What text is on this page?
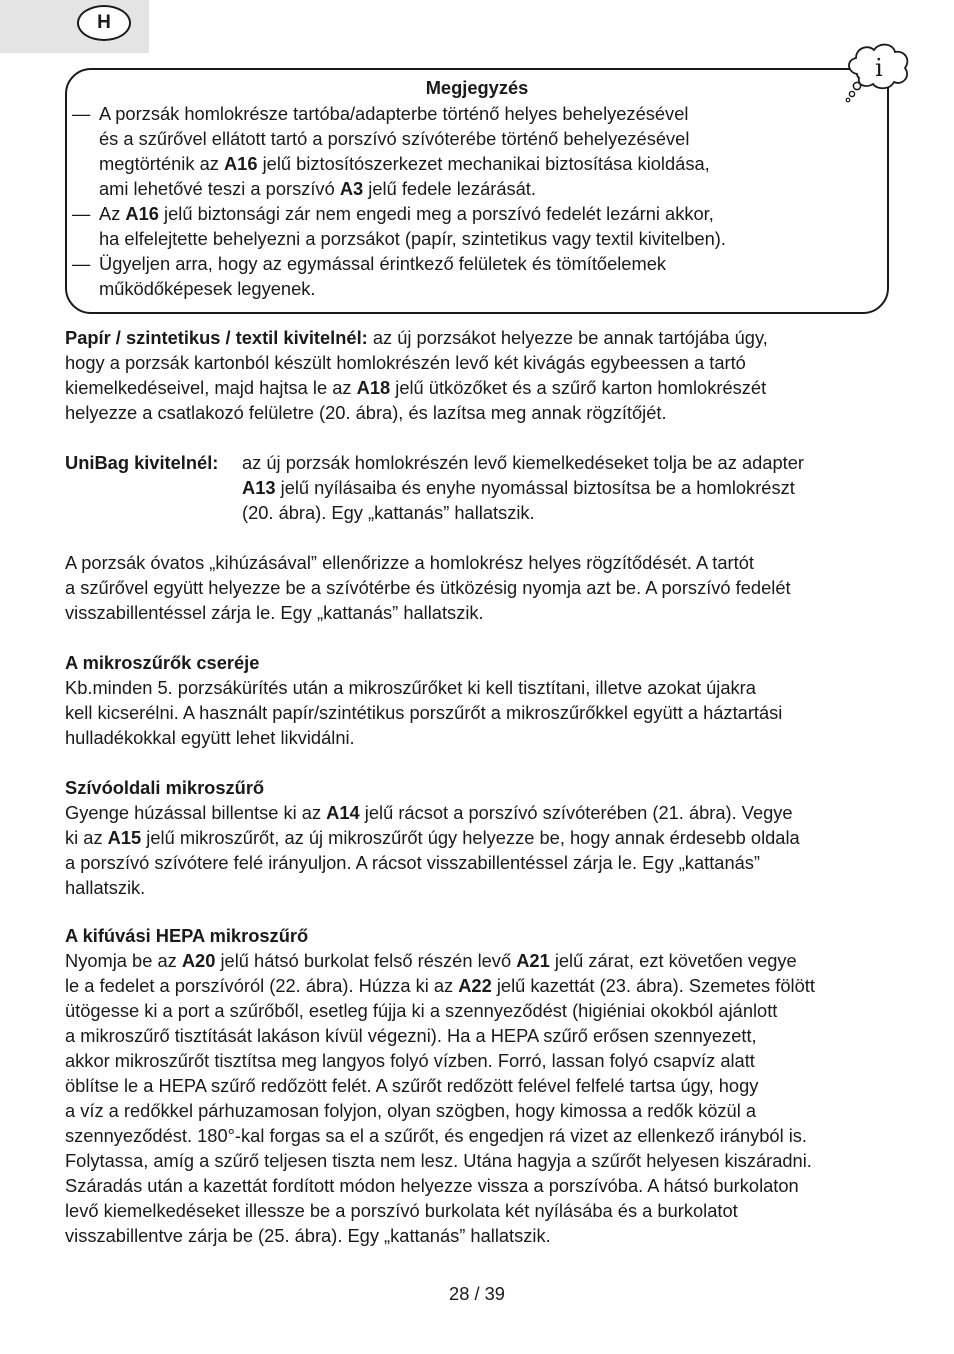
H
i
Megjegyzés
— A porzsák homlokrésze tartóba/adapterbe történő helyes behelyezésével
és a szűrővel ellátott tartó a porszívó szívóterébe történő behelyezésével
megtörténik az A16 jelű biztosítószerkezet mechanikai biztosítása kioldása,
ami lehetővé teszi a porszívó A3 jelű fedele lezárását.
— Az A16 jelű biztonsági zár nem engedi meg a porszívó fedelét lezárni akkor,
ha elfelejtette behelyezni a porzsákot (papír, szintetikus vagy textil kivitelben).
— Ügyeljen arra, hogy az egymással érintkező felületek és tömítőelemek
működőképesek legyenek.
Papír / szintetikus / textil kivitelnél: az új porzsákot helyezze be annak tartójába úgy,
hogy a porzsák kartonból készült homlokrészén levő két kivágás egybeessen a tartó
kiemelkedéseivel, majd hajtsa le az A18 jelű ütközőket és a szűrő karton homlokrészét
helyezze a csatlakozó felületre (20. ábra), és lazítsa meg annak rögzítőjét.
UniBag kivitelnél: az új porzsák homlokrészén levő kiemelkedéseket tolja be az adapter
A13 jelű nyílásaiba és enyhe nyomással biztosítsa be a homlokrészt
(20. ábra). Egy „kattanás” hallatszik.
A porzsák óvatos „kihúzásával” ellenőrizze a homlokrész helyes rögzítődését. A tartót
a szűrővel együtt helyezze be a szívótérbe és ütközésig nyomja azt be. A porszívó fedelét
visszabillentéssel zárja le. Egy „kattanás” hallatszik.

A mikroszűrők cseréje

Kb.minden 5. porzsákürítés után a mikroszűrőket ki kell tisztítani, illetve azokat újakra
kell kicserélni. A használt papír/szintétikus porszűrőt a mikroszűrőkkel együtt a háztartási
hulladékokkal együtt lehet likvidálni.

Szívóoldali mikroszűrő

Gyenge húzással billentse ki az A14 jelű rácsot a porszívó szívóterében (21. ábra). Vegye
ki az A15 jelű mikroszűrőt, az új mikroszűrőt úgy helyezze be, hogy annak érdesebb oldala
a porszívó szívótere felé irányuljon. A rácsot visszabillentéssel zárja le. Egy „kattanás”
hallatszik.

A kifúvási HEPA mikroszűrő

Nyomja be az A20 jelű hátsó burkolat felső részén levő A21 jelű zárat, ezt követően vegye
le a fedelet a porszívóról (22. ábra). Húzza ki az A22 jelű kazettát (23. ábra). Szemetes fölött
ütögesse ki a port a szűrőből, esetleg fújja ki a szennyeződést (higiéniai okokból ajánlott
a mikroszűrő tisztítását lakáson kívül végezni). Ha a HEPA szűrő erősen szennyezett,
akkor mikroszűrőt tisztítsa meg langyos folyó vízben. Forró, lassan folyó csapvíz alatt
öblítse le a HEPA szűrő redőzött felét. A szűrőt redőzött felével felfelé tartsa úgy, hogy
a víz a redőkkel párhuzamosan folyjon, olyan szögben, hogy kimossa a redők közül a
szennyeződést. 180°-kal forgas sa el a szűrőt, és engedjen rá vizet az ellenkező irányból is.
Folytassa, amíg a szűrő teljesen tiszta nem lesz. Utána hagyja a szűrőt helyesen kiszáradni.
Száradás után a kazettát fordított módon helyezze vissza a porszívóba. A hátsó burkolaton
levő kiemelkedéseket illessze be a porszívó burkolata két nyílásába és a burkolatot
visszabillentve zárja be (25. ábra). Egy „kattanás” hallatszik.
28 / 39
